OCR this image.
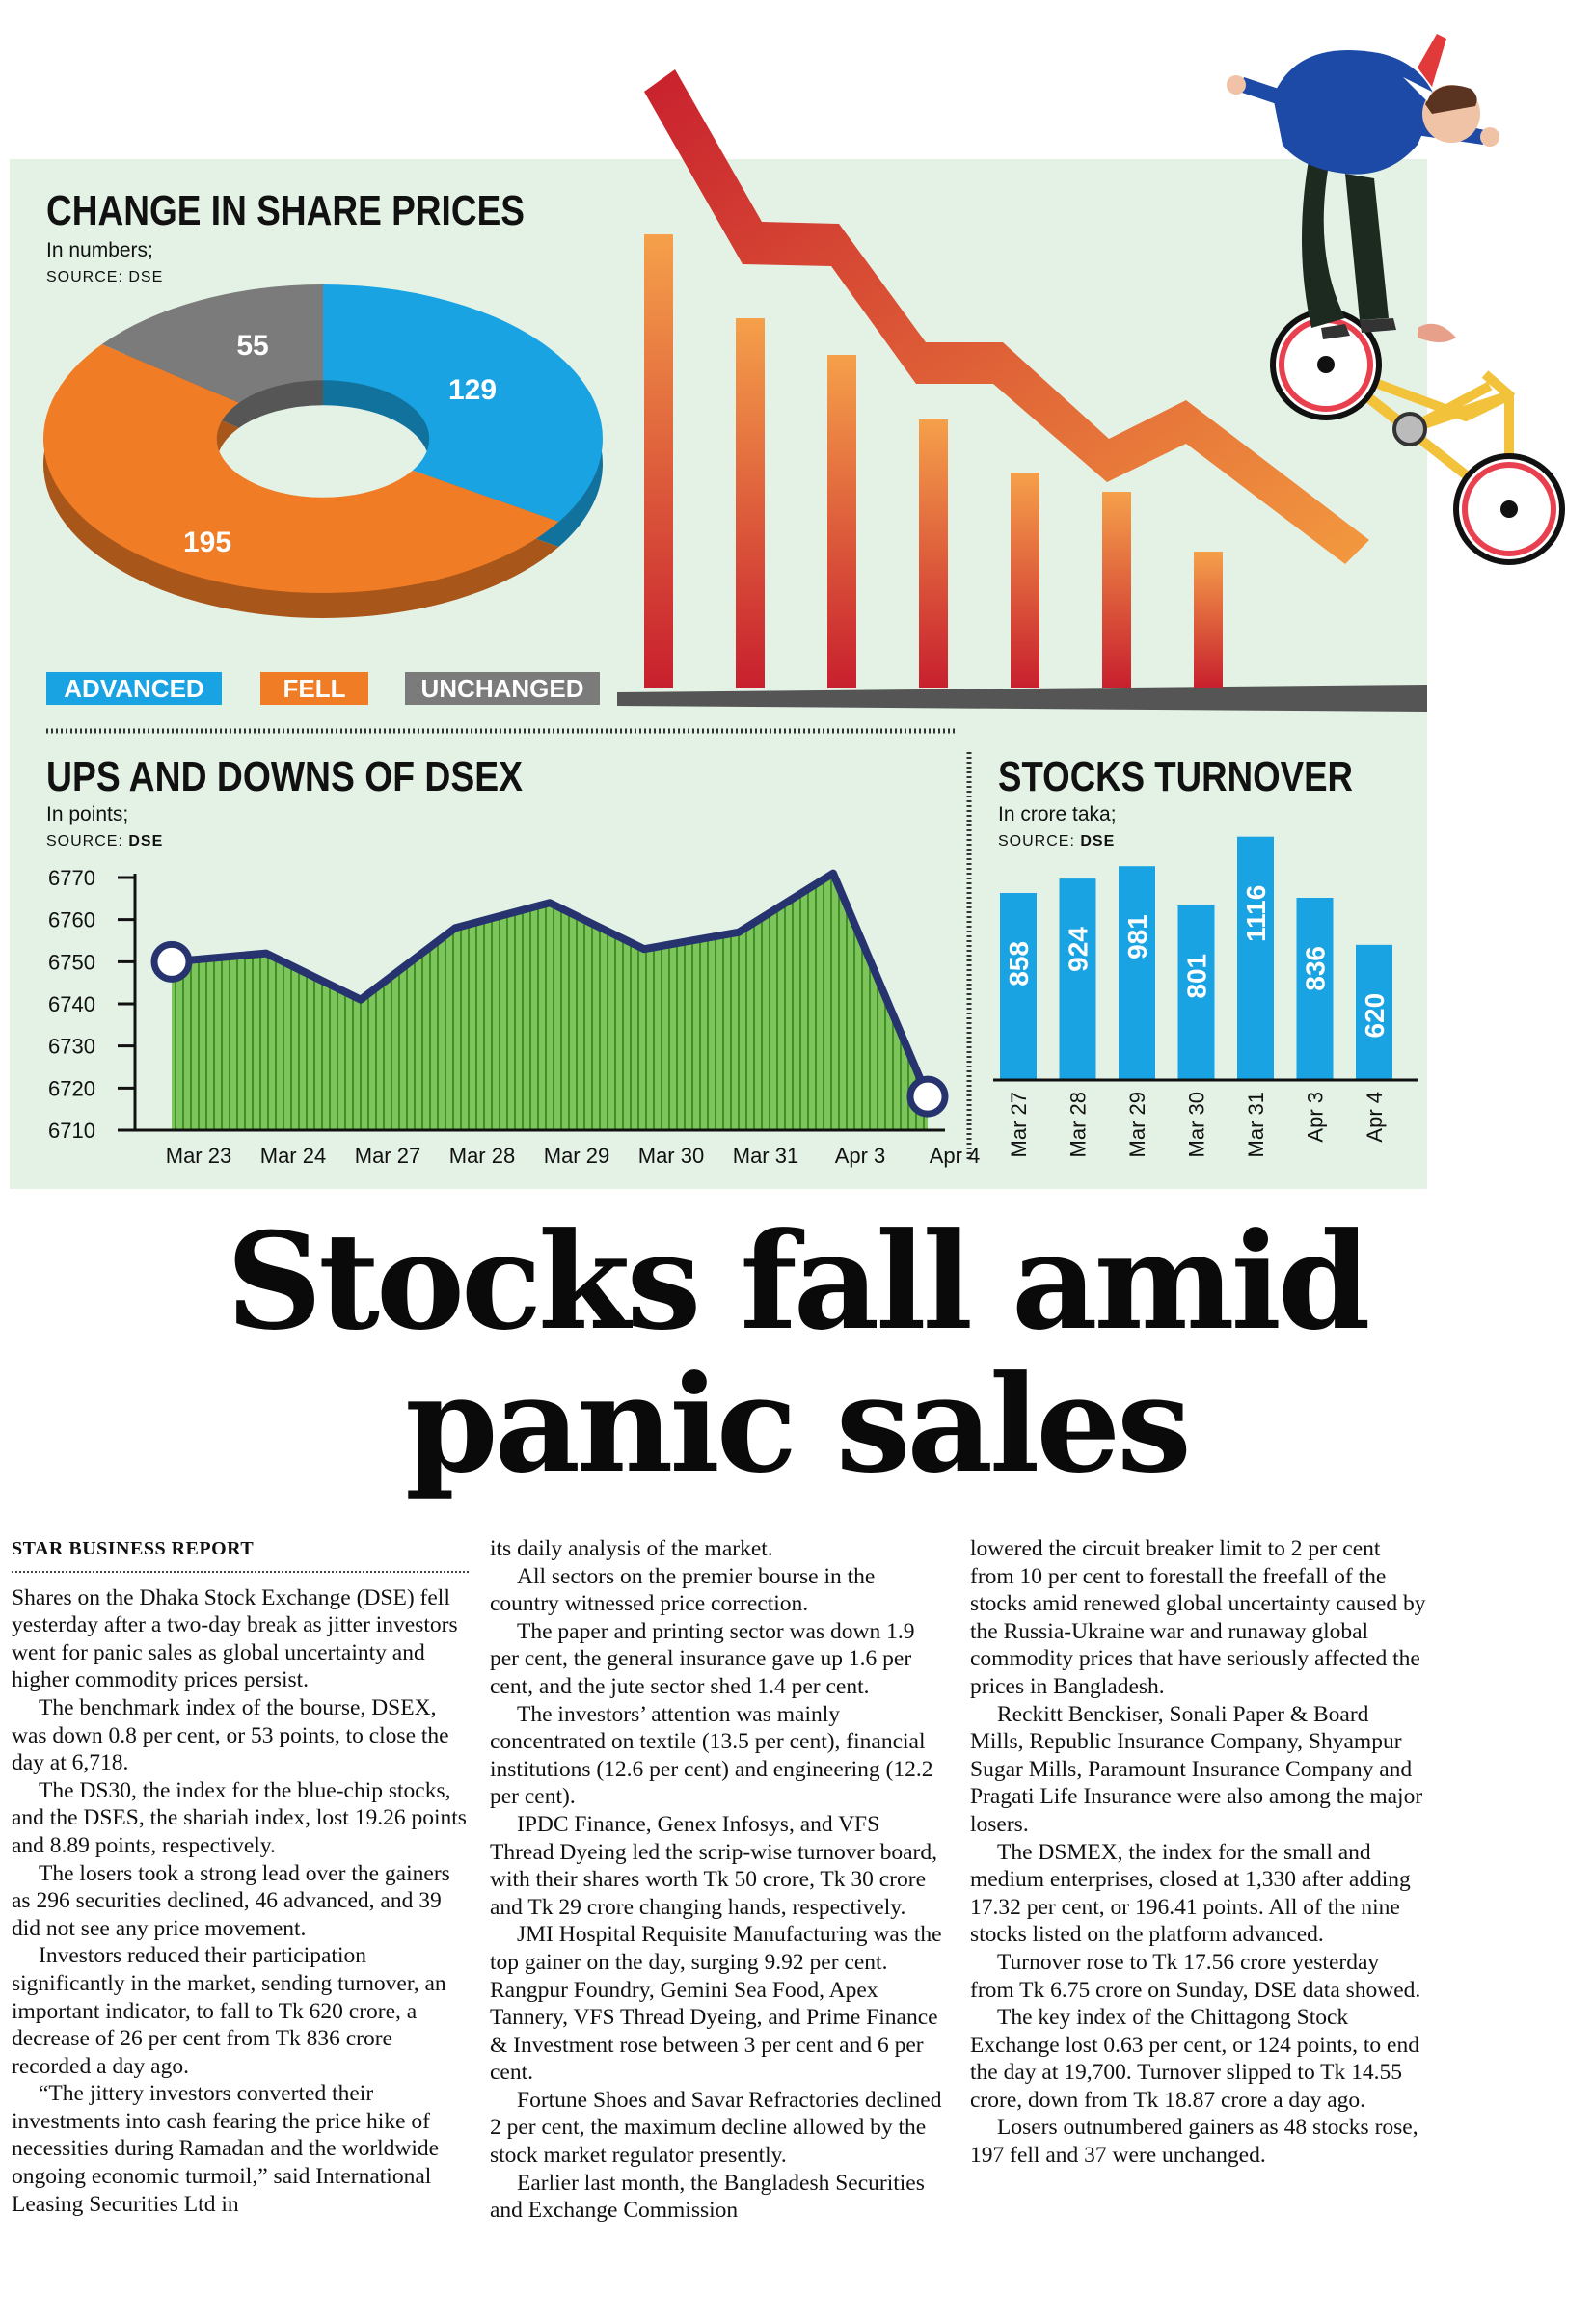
CHANGE IN SHARE PRICES
In numbers;
SOURCE: DSE
129
195
55
ADVANCED	FELL	UNCHANGED
UPS AND DOWNS OF DSEX
In points;
SOURCE: DSE
6770
6760
6750
6740
6730
6720
6710
Mar 23 Mar 24 Mar 27 Mar 28 Mar 29 Mar 30 Mar 31 Apr 3 Apr 4
STOCKS TURNOVER
In crore taka;
SOURCE: DSE
858
Mar 27
924
Mar 28
981
Mar 29
801
Mar 30
1116
Mar 31
836
Apr 3
620
Apr 4
Stocks fall amid
panic sales
STAR BUSINESS REPORT

Shares on the Dhaka Stock Exchange (DSE) fell yesterday after a two-day break as jitter investors went for panic sales as global uncertainty and higher commodity prices persist.

The benchmark index of the bourse, DSEX, was down 0.8 per cent, or 53 points, to close the day at 6,718.

The DS30, the index for the blue-chip stocks, and the DSES, the shariah index, lost 19.26 points and 8.89 points, respectively.

The losers took a strong lead over the gainers as 296 securities declined, 46 advanced, and 39 did not see any price movement.

Investors reduced their participation significantly in the market, sending turnover, an important indicator, to fall to Tk 620 crore, a decrease of 26 per cent from Tk 836 crore recorded a day ago.

“The jittery investors converted their investments into cash fearing the price hike of necessities during Ramadan and the worldwide ongoing economic turmoil,” said International Leasing Securities Ltd in

its daily analysis of the market.

All sectors on the premier bourse in the country witnessed price correction.

The paper and printing sector was down 1.9 per cent, the general insurance gave up 1.6 per cent, and the jute sector shed 1.4 per cent.

The investors’ attention was mainly concentrated on textile (13.5 per cent), financial institutions (12.6 per cent) and engineering (12.2 per cent).

IPDC Finance, Genex Infosys, and VFS Thread Dyeing led the scrip-wise turnover board, with their shares worth Tk 50 crore, Tk 30 crore and Tk 29 crore changing hands, respectively.

JMI Hospital Requisite Manufacturing was the top gainer on the day, surging 9.92 per cent. Rangpur Foundry, Gemini Sea Food, Apex Tannery, VFS Thread Dyeing, and Prime Finance & Investment rose between 3 per cent and 6 per cent.

Fortune Shoes and Savar Refractories declined 2 per cent, the maximum decline allowed by the stock market regulator presently.

Earlier last month, the Bangladesh Securities and Exchange Commission

lowered the circuit breaker limit to 2 per cent from 10 per cent to forestall the freefall of the stocks amid renewed global uncertainty caused by the Russia-Ukraine war and runaway global commodity prices that have seriously affected the prices in Bangladesh.

Reckitt Benckiser, Sonali Paper & Board Mills, Republic Insurance Company, Shyampur Sugar Mills, Paramount Insurance Company and Pragati Life Insurance were also among the major losers.

The DSMEX, the index for the small and medium enterprises, closed at 1,330 after adding 17.32 per cent, or 196.41 points. All of the nine stocks listed on the platform advanced.

Turnover rose to Tk 17.56 crore yesterday from Tk 6.75 crore on Sunday, DSE data showed.

The key index of the Chittagong Stock Exchange lost 0.63 per cent, or 124 points, to end the day at 19,700. Turnover slipped to Tk 14.55 crore, down from Tk 18.87 crore a day ago.

Losers outnumbered gainers as 48 stocks rose, 197 fell and 37 were unchanged.
